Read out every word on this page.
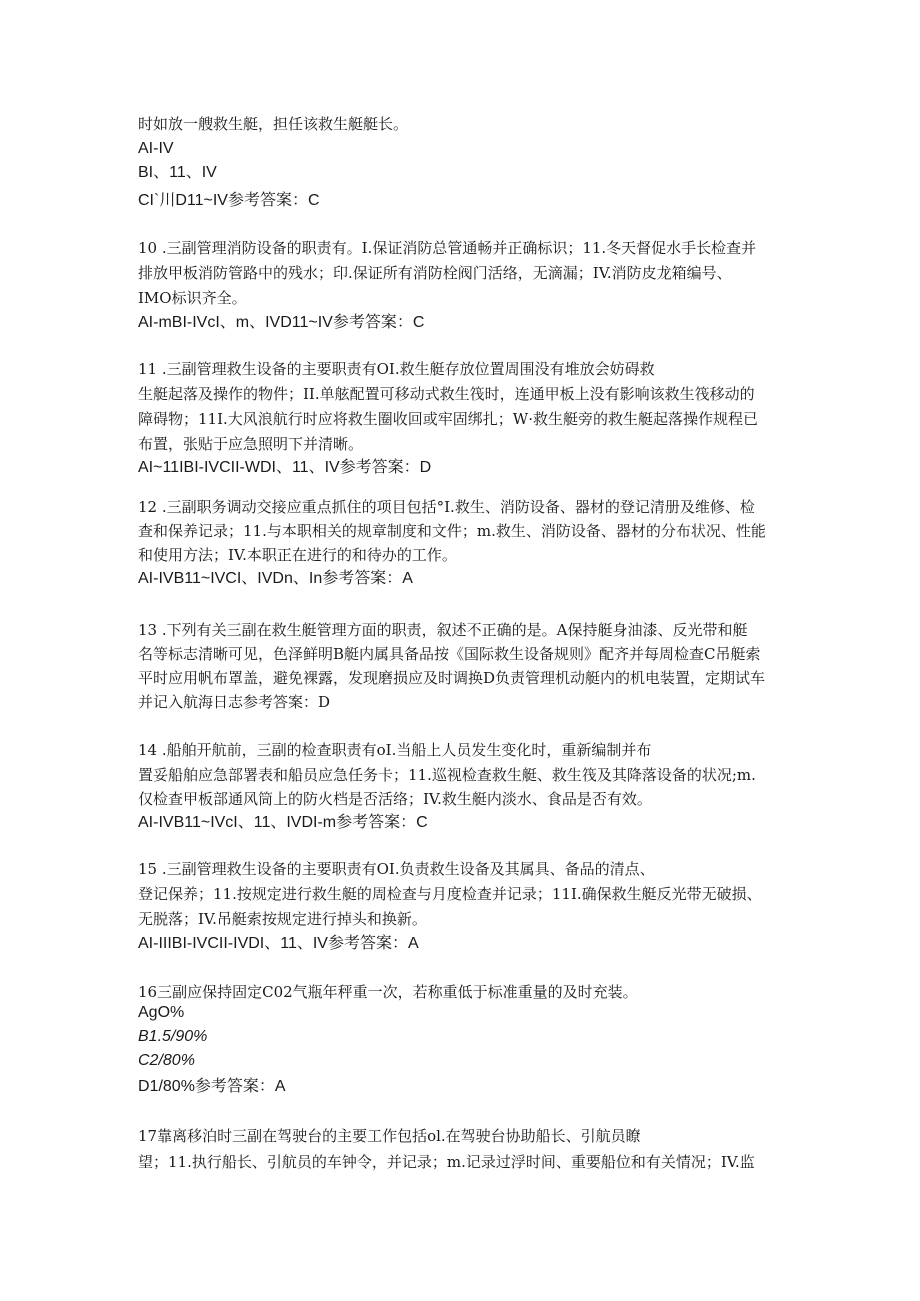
时如放一艘救生艇，担任该救生艇艇长。
AI-IV
BI、11、IV
CI`川D11~IV参考答案：C
10 .三副管理消防设备的职责有。I.保证消防总管通畅并正确标识；11.冬天督促水手长检查并
排放甲板消防管路中的残水；印.保证所有消防栓阀门活络，无滴漏；IV.消防皮龙箱编号、
IMO标识齐全。
AI-mBI-IVcI、m、IVD11~IV参考答案：C
11 .三副管理救生设备的主要职责有OI.救生艇存放位置周围没有堆放会妨碍救
生艇起落及操作的物件；II.单舷配置可移动式救生筏时，连通甲板上没有影响该救生筏移动的
障碍物；11I.大风浪航行时应将救生圈收回或牢固绑扎；W·救生艇旁的救生艇起落操作规程已
布置，张贴于应急照明下并清晰。
AI~11IBI-IVCII-WDI、11、IV参考答案：D
12 .三副职务调动交接应重点抓住的项目包括°I.救生、消防设备、器材的登记清册及维修、检
查和保养记录；11.与本职相关的规章制度和文件；m.救生、消防设备、器材的分布状况、性能
和使用方法；IV.本职正在进行的和待办的工作。
AI-IVB11~IVCI、IVDn、In参考答案：A
13 .下列有关三副在救生艇管理方面的职责，叙述不正确的是。A保持艇身油漆、反光带和艇
名等标志清晰可见，色泽鲜明B艇内属具备品按《国际救生设备规则》配齐并每周检查C吊艇索
平时应用帆布罩盖，避免裸露，发现磨损应及时调换D负责管理机动艇内的机电装置，定期试车
并记入航海日志参考答案：D
14 .船舶开航前，三副的检查职责有oI.当船上人员发生变化时，重新编制并布
置妥船舶应急部署表和船员应急任务卡；11.巡视检查救生艇、救生筏及其降落设备的状况;m.
仅检查甲板部通风筒上的防火档是否活络；IV.救生艇内淡水、食品是否有效。
AI-IVB11~IVcI、11、IVDI-m参考答案：C
15 .三副管理救生设备的主要职责有OI.负责救生设备及其属具、备品的清点、
登记保养；11.按规定进行救生艇的周检查与月度检查并记录；11I.确保救生艇反光带无破损、
无脱落；IV.吊艇索按规定进行掉头和换新。
AI-IIIBI-IVCII-IVDI、11、IV参考答案：A
16三副应保持固定C02气瓶年秤重一次，若称重低于标准重量的及时充装。
AgO%
B1.5/90%
C2/80%
D1/80%参考答案：A
17靠离移泊时三副在驾驶台的主要工作包括ol.在驾驶台协助船长、引航员瞭
望；11.执行船长、引航员的车钟令，并记录；m.记录过浮时间、重要船位和有关情况；IV.监
